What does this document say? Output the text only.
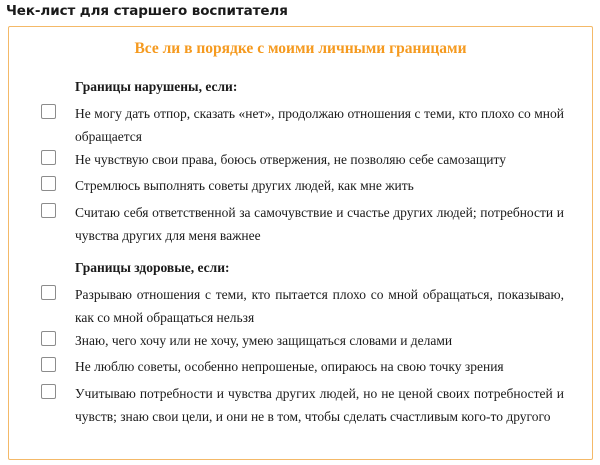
Чек-лист для старшего воспитателя
Все ли в порядке с моими личными границами
Границы нарушены, если:
Не могу дать отпор, сказать «нет», продолжаю отношения с теми, кто плохо со мной обращается
Не чувствую свои права, боюсь отвержения, не позволяю себе самозащиту
Стремлюсь выполнять советы других людей, как мне жить
Считаю себя ответственной за самочувствие и счастье других людей; потребности и чувства других для меня важнее
Границы здоровые, если:
Разрываю отношения с теми, кто пытается плохо со мной обращаться, показываю, как со мной обращаться нельзя
Знаю, чего хочу или не хочу, умею защищаться словами и делами
Не люблю советы, особенно непрошеные, опираюсь на свою точку зрения
Учитываю потребности и чувства других людей, но не ценой своих потребностей и чувств; знаю свои цели, и они не в том, чтобы сделать счастливым кого-то другого
